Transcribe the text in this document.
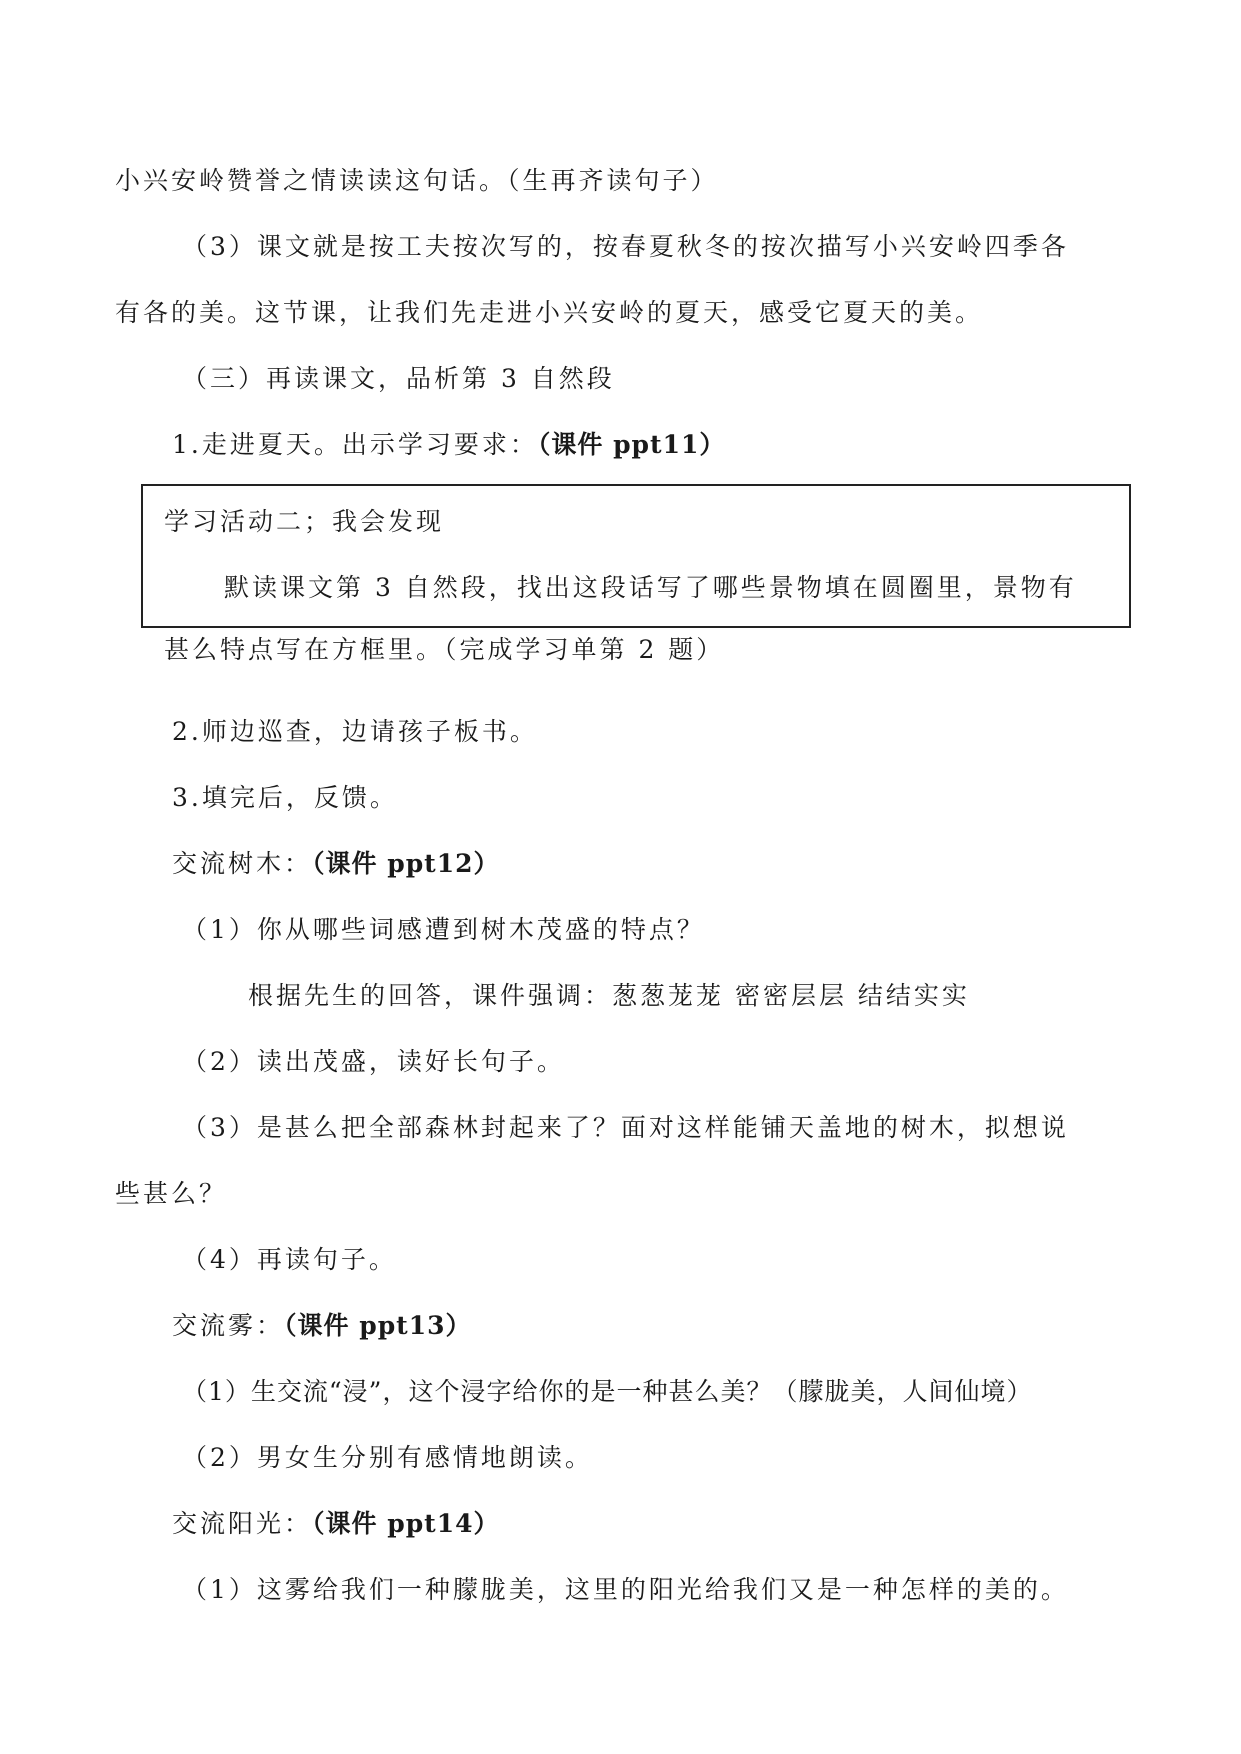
小兴安岭赞誉之情读读这句话。（生再齐读句子）
（3）课文就是按工夫按次写的，按春夏秋冬的按次描写小兴安岭四季各
有各的美。这节课，让我们先走进小兴安岭的夏天，感受它夏天的美。
（三）再读课文，品析第 3 自然段
1.走进夏天。出示学习要求：（课件 ppt11）
学习活动二；我会发现
默读课文第 3 自然段，找出这段话写了哪些景物填在圆圈里，景物有
甚么特点写在方框里。（完成学习单第 2 题）
2.师边巡查，边请孩子板书。
3.填完后，反馈。
交流树木：（课件 ppt12）
（1）你从哪些词感遭到树木茂盛的特点？
根据先生的回答，课件强调：葱葱茏茏 密密层层 结结实实
（2）读出茂盛，读好长句子。
（3）是甚么把全部森林封起来了？面对这样能铺天盖地的树木，拟想说
些甚么？
（4）再读句子。
交流雾：（课件 ppt13）
（1）生交流“浸”，这个浸字给你的是一种甚么美？（朦胧美，人间仙境）
（2）男女生分别有感情地朗读。
交流阳光：（课件 ppt14）
（1）这雾给我们一种朦胧美，这里的阳光给我们又是一种怎样的美的。
